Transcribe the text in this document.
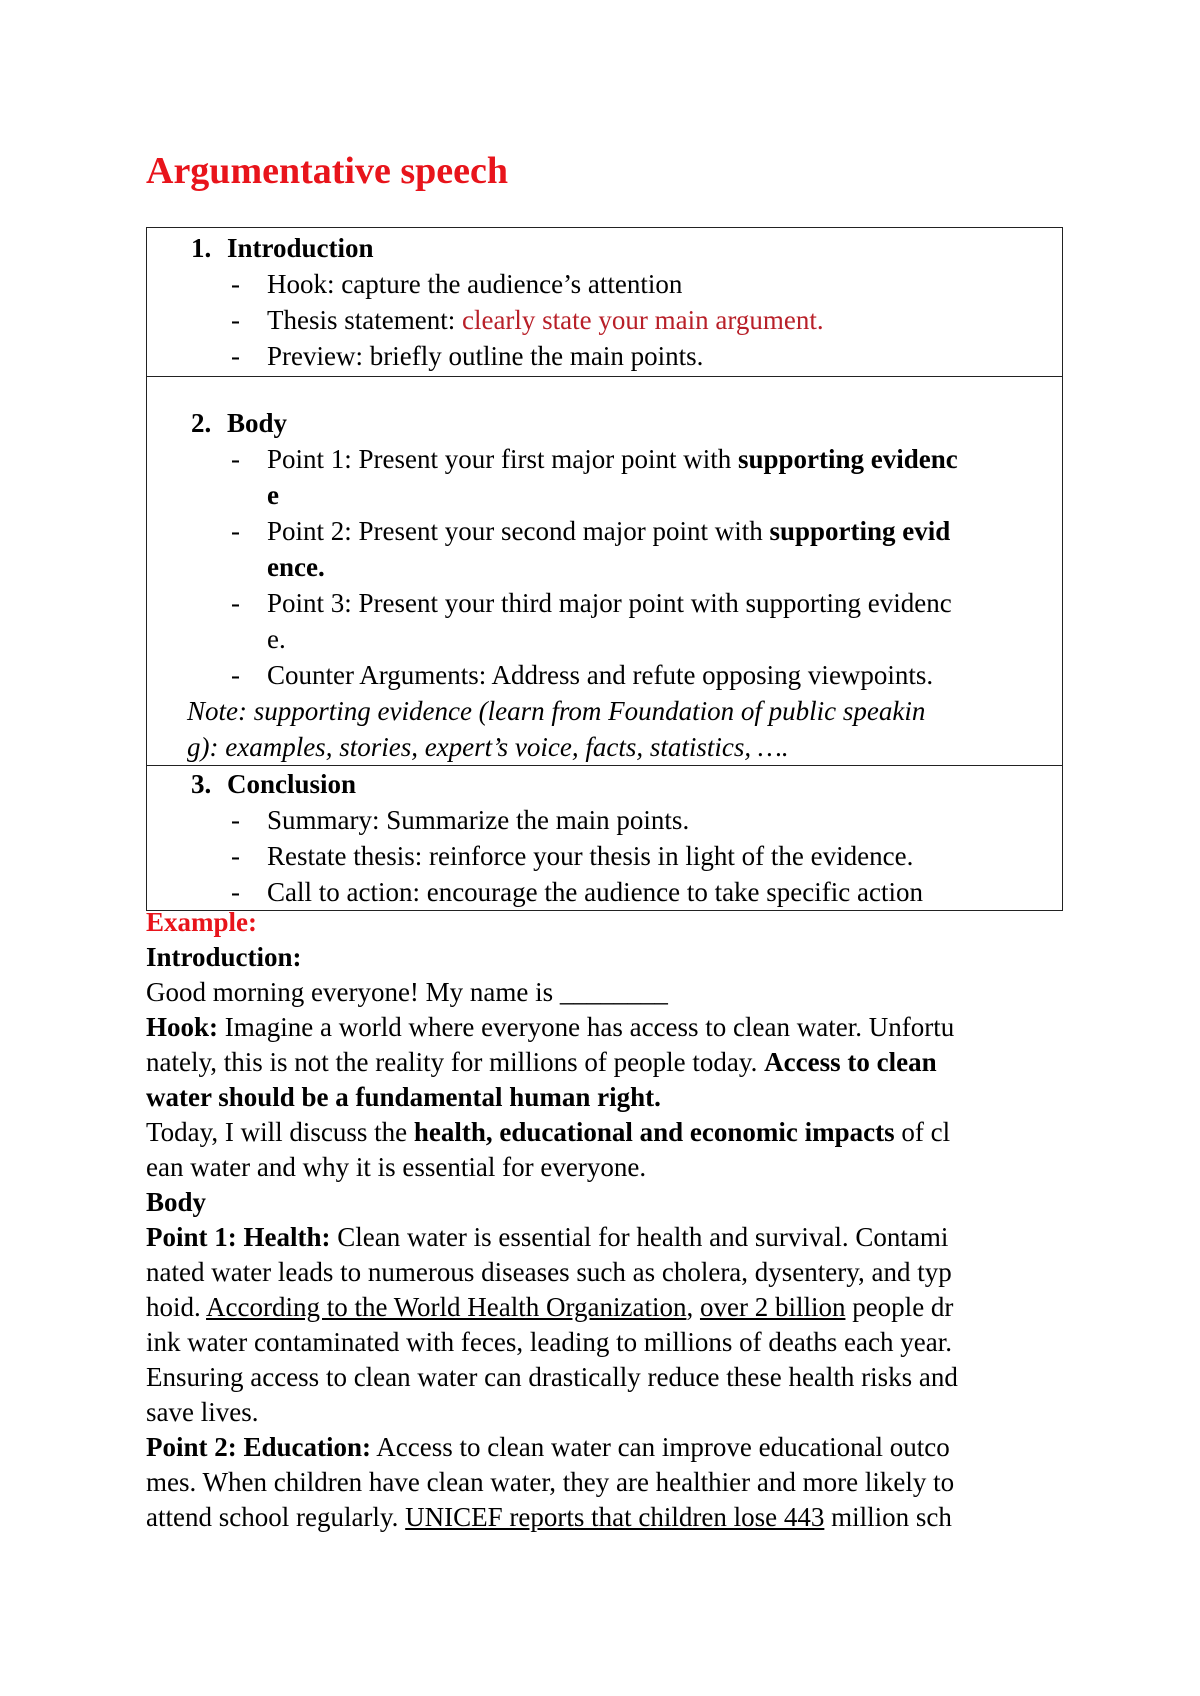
Argumentative speech
1. Introduction
- Hook: capture the audience’s attention
- Thesis statement: clearly state your main argument.
- Preview: briefly outline the main points.

2. Body
- Point 1: Present your first major point with supporting evidenc
e
- Point 2: Present your second major point with supporting evid
ence.
- Point 3: Present your third major point with supporting evidenc
e.
- Counter Arguments: Address and refute opposing viewpoints.
Note: supporting evidence (learn from Foundation of public speakin
g): examples, stories, expert’s voice, facts, statistics, ….

3. Conclusion
- Summary: Summarize the main points.
- Restate thesis: reinforce your thesis in light of the evidence.
- Call to action: encourage the audience to take specific action
Example:
Introduction:
Good morning everyone! My name is ________
Hook: Imagine a world where everyone has access to clean water. Unfortu
nately, this is not the reality for millions of people today. Access to clean
water should be a fundamental human right.
Today, I will discuss the health, educational and economic impacts of cl
ean water and why it is essential for everyone.
Body
Point 1: Health: Clean water is essential for health and survival. Contami
nated water leads to numerous diseases such as cholera, dysentery, and typ
hoid. According to the World Health Organization, over 2 billion people dr
ink water contaminated with feces, leading to millions of deaths each year.
Ensuring access to clean water can drastically reduce these health risks and
save lives.
Point 2: Education: Access to clean water can improve educational outco
mes. When children have clean water, they are healthier and more likely to
attend school regularly. UNICEF reports that children lose 443 million sch
